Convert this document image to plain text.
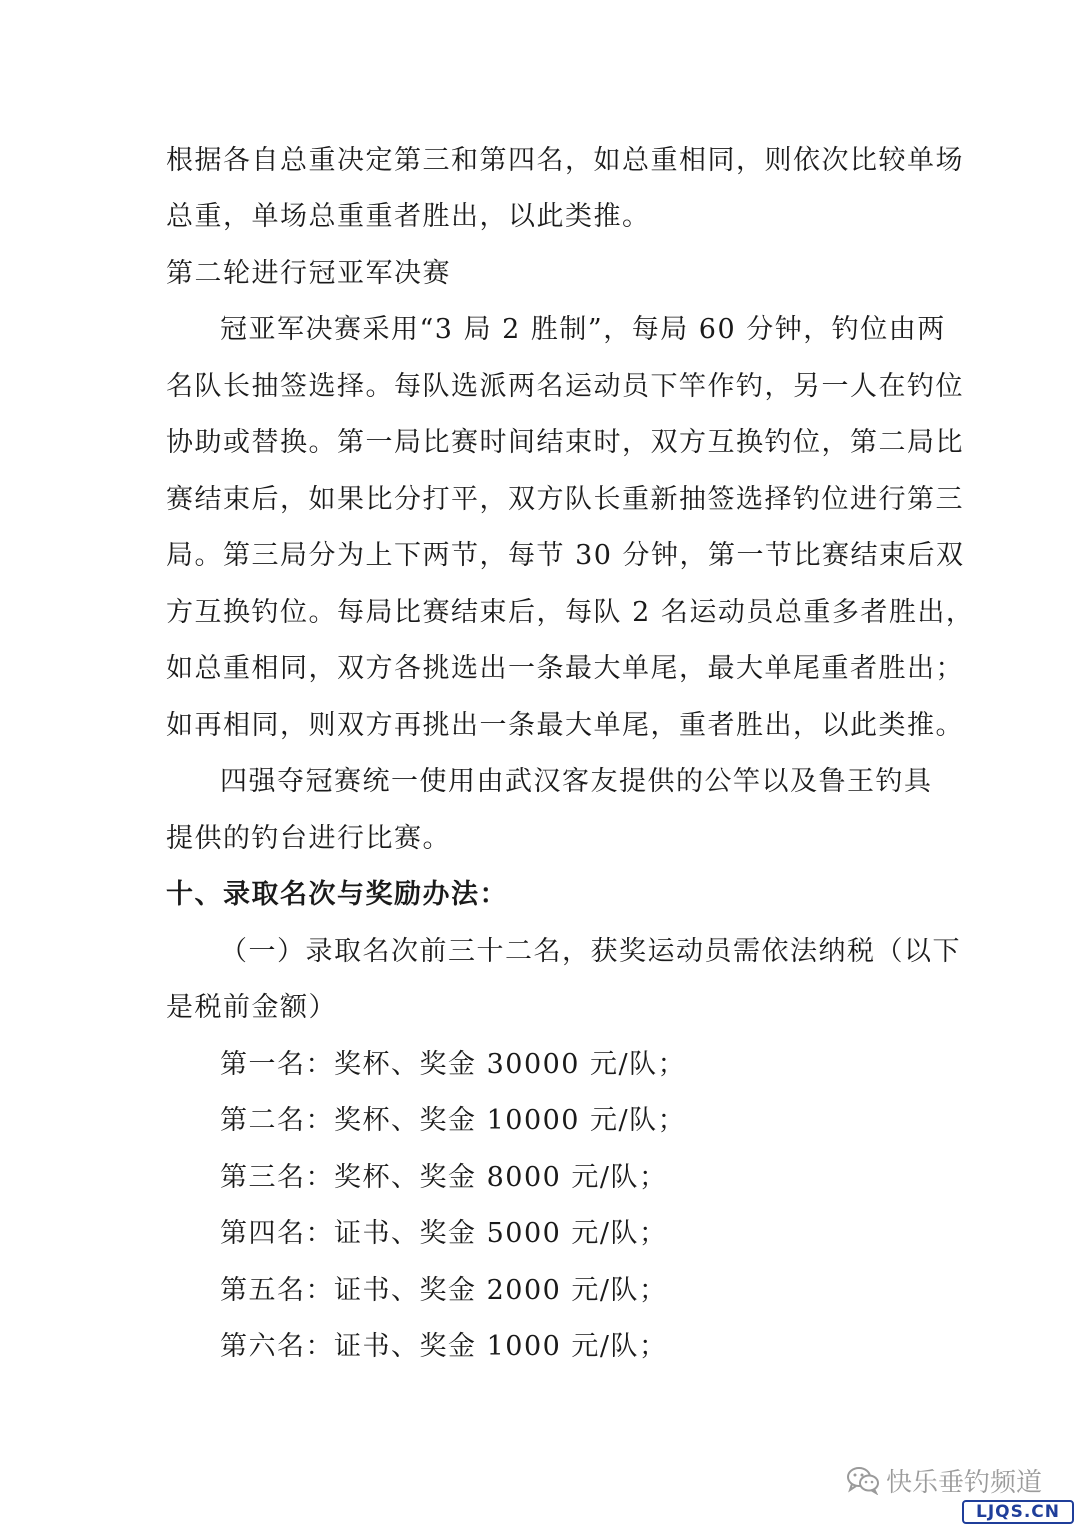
根据各自总重决定第三和第四名，如总重相同，则依次比较单场
总重，单场总重重者胜出，以此类推。
第二轮进行冠亚军决赛
冠亚军决赛采用“3 局 2 胜制”，每局 60 分钟，钓位由两
名队长抽签选择。每队选派两名运动员下竿作钓，另一人在钓位
协助或替换。第一局比赛时间结束时，双方互换钓位，第二局比
赛结束后，如果比分打平，双方队长重新抽签选择钓位进行第三
局。第三局分为上下两节，每节 30 分钟，第一节比赛结束后双
方互换钓位。每局比赛结束后，每队 2 名运动员总重多者胜出，
如总重相同，双方各挑选出一条最大单尾，最大单尾重者胜出；
如再相同，则双方再挑出一条最大单尾，重者胜出，以此类推。
四强夺冠赛统一使用由武汉客友提供的公竿以及鲁王钓具
提供的钓台进行比赛。
十、录取名次与奖励办法：
（一）录取名次前三十二名，获奖运动员需依法纳税（以下
是税前金额）
第一名：奖杯、奖金 30000 元/队；
第二名：奖杯、奖金 10000 元/队；
第三名：奖杯、奖金 8000 元/队；
第四名：证书、奖金 5000 元/队；
第五名：证书、奖金 2000 元/队；
第六名：证书、奖金 1000 元/队；
快乐垂钓频道
LJQS.CN
